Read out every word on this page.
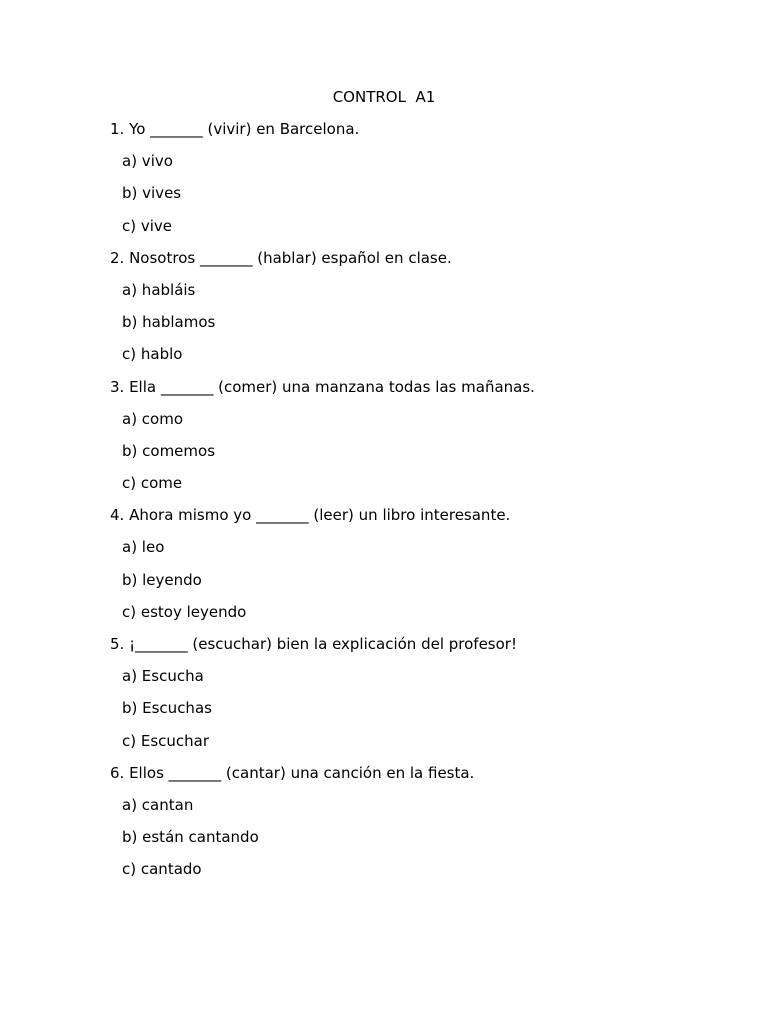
CONTROL  A1
1. Yo _______ (vivir) en Barcelona.
a) vivo
b) vives
c) vive
2. Nosotros _______ (hablar) español en clase.
a) habláis
b) hablamos
c) hablo
3. Ella _______ (comer) una manzana todas las mañanas.
a) como
b) comemos
c) come
4. Ahora mismo yo _______ (leer) un libro interesante.
a) leo
b) leyendo
c) estoy leyendo
5. ¡_______ (escuchar) bien la explicación del profesor!
a) Escucha
b) Escuchas
c) Escuchar
6. Ellos _______ (cantar) una canción en la fiesta.
a) cantan
b) están cantando
c) cantado
